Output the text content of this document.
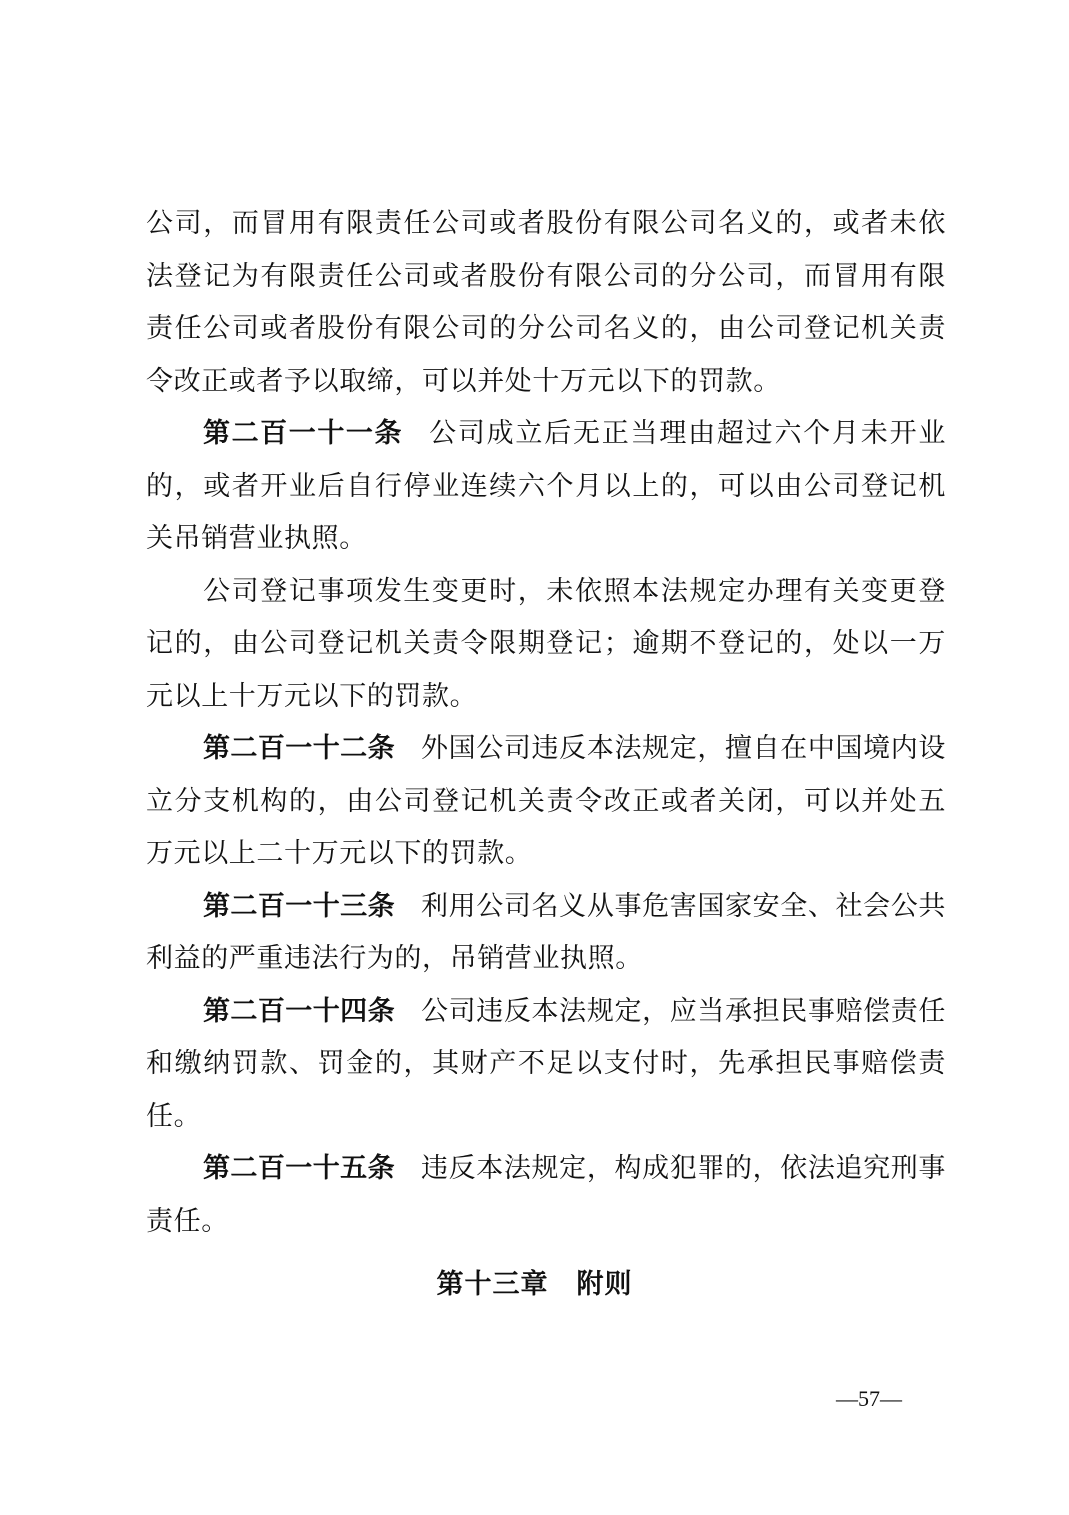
公司，而冒用有限责任公司或者股份有限公司名义的，或者未依法登记为有限责任公司或者股份有限公司的分公司，而冒用有限责任公司或者股份有限公司的分公司名义的，由公司登记机关责令改正或者予以取缔，可以并处十万元以下的罚款。

第二百一十一条 公司成立后无正当理由超过六个月未开业的，或者开业后自行停业连续六个月以上的，可以由公司登记机关吊销营业执照。

公司登记事项发生变更时，未依照本法规定办理有关变更登记的，由公司登记机关责令限期登记；逾期不登记的，处以一万元以上十万元以下的罚款。

第二百一十二条 外国公司违反本法规定，擅自在中国境内设立分支机构的，由公司登记机关责令改正或者关闭，可以并处五万元以上二十万元以下的罚款。

第二百一十三条 利用公司名义从事危害国家安全、社会公共利益的严重违法行为的，吊销营业执照。

第二百一十四条 公司违反本法规定，应当承担民事赔偿责任和缴纳罚款、罚金的，其财产不足以支付时，先承担民事赔偿责任。

第二百一十五条 违反本法规定，构成犯罪的，依法追究刑事责任。

第十三章　附则
—57—
